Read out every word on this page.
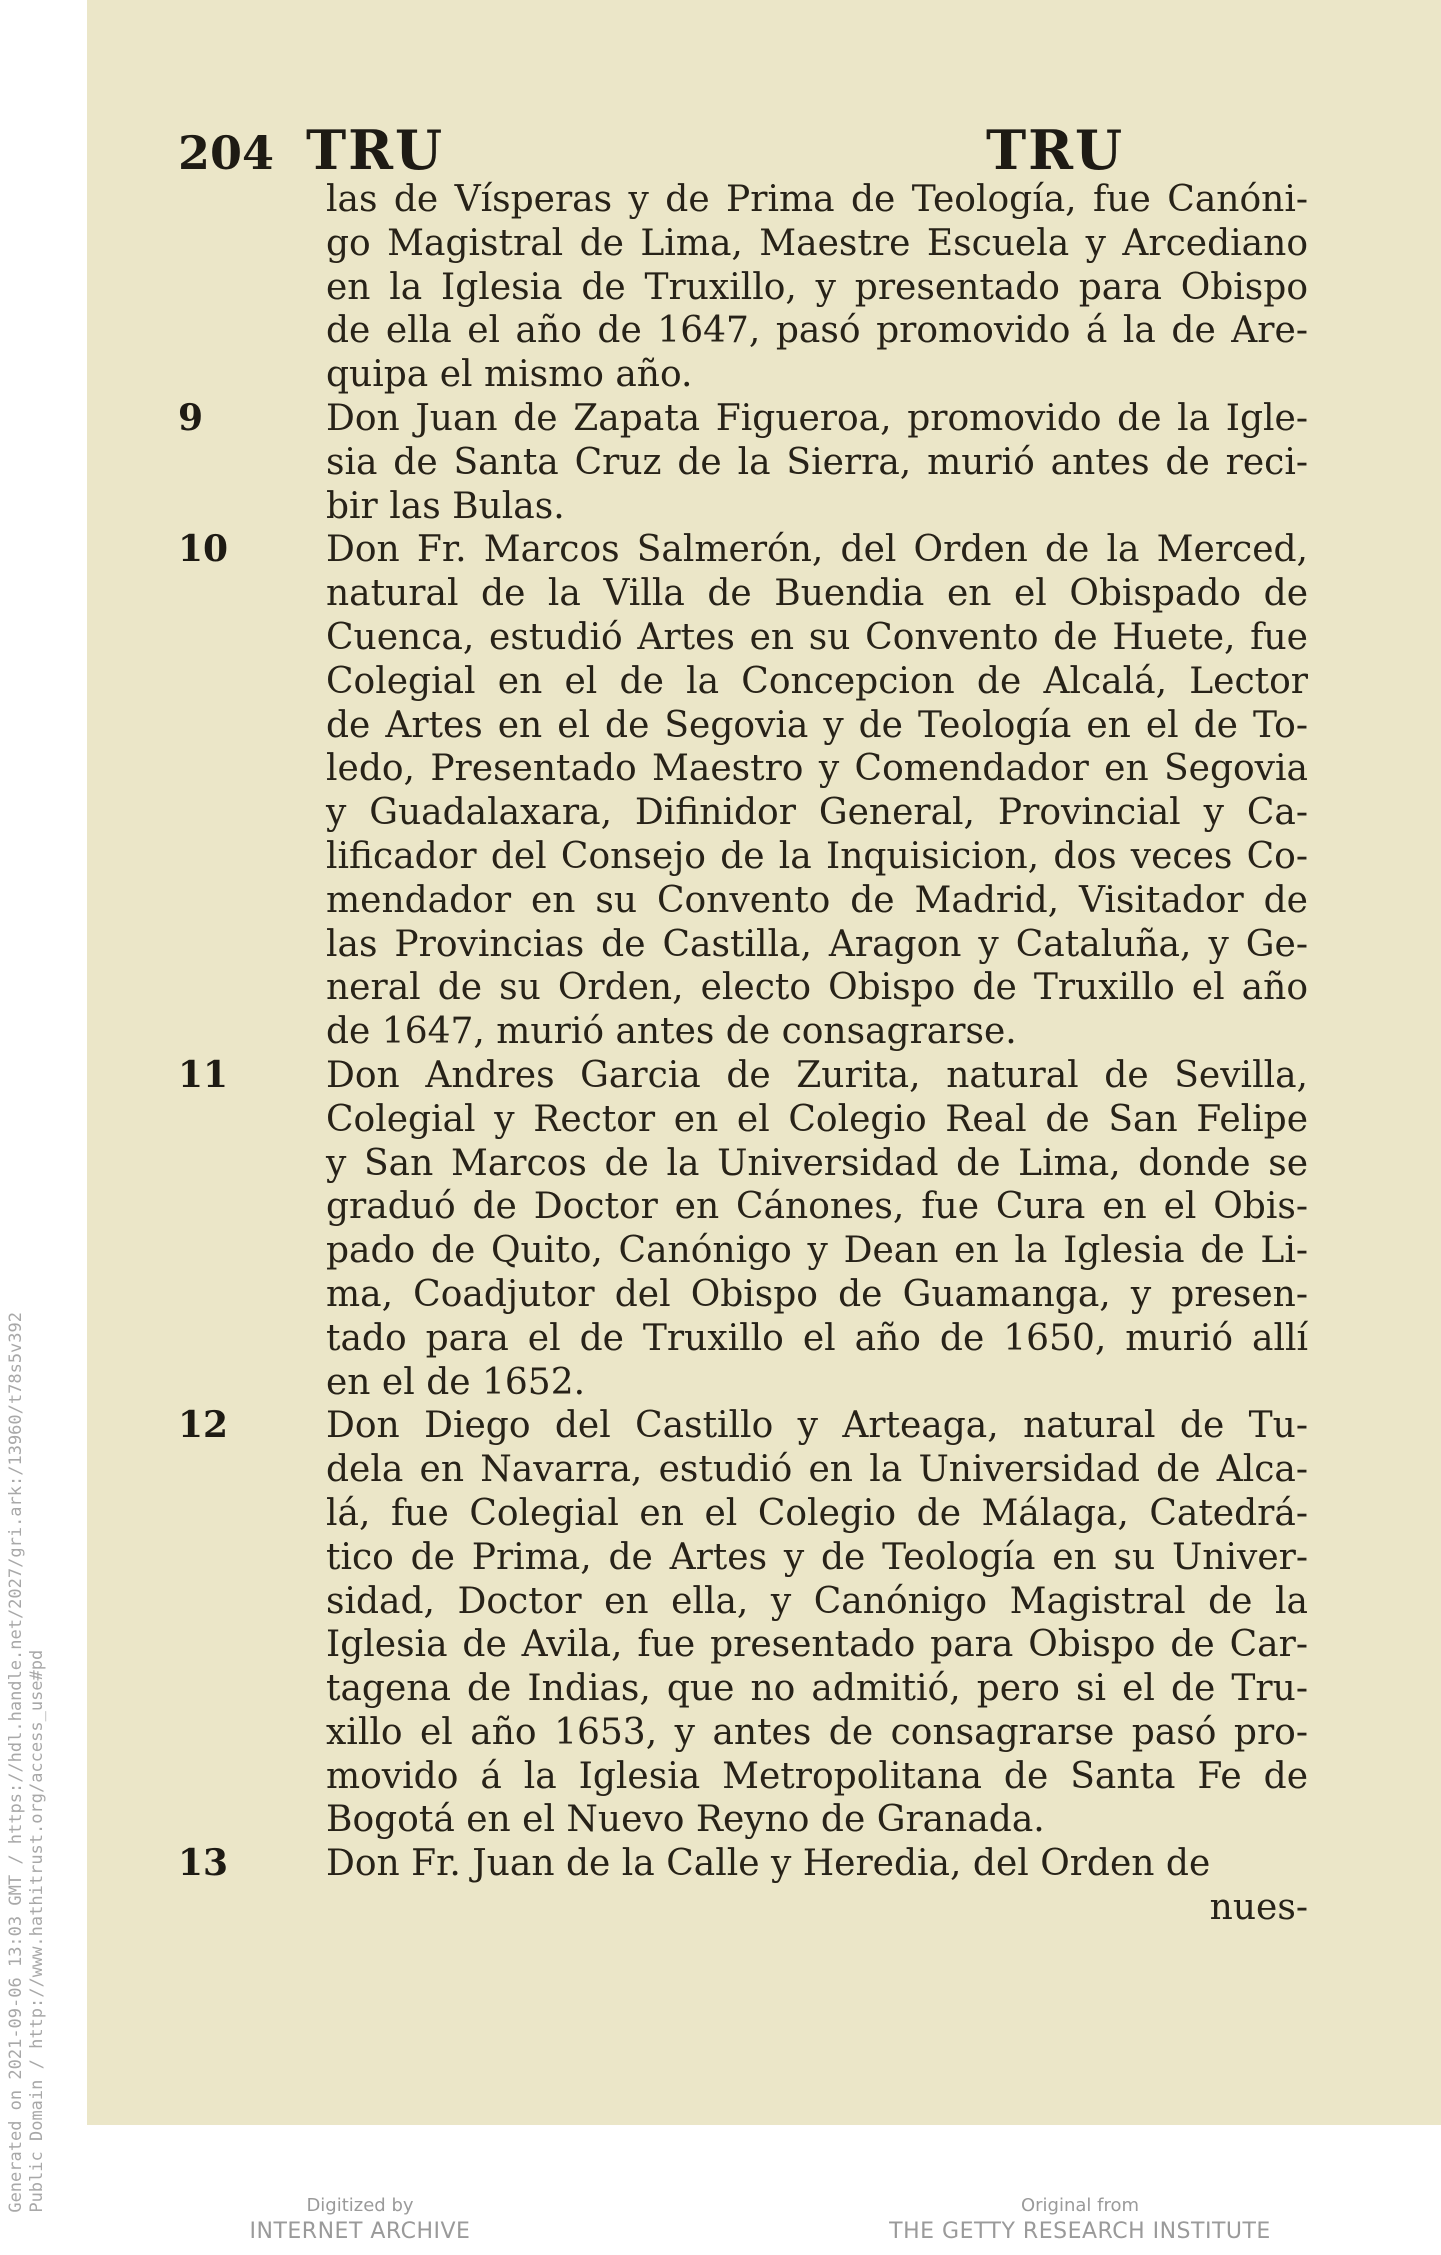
Generated on 2021-09-06 13:03 GMT / https://hdl.handle.net/2027/gri.ark:/13960/t78s5v392 Public Domain / http://www.hathitrust.org/access_use#pd
204 TRU	TRU
las de Vísperas y de Prima de Teología, fue Canóni-
go Magistral de Lima, Maestre Escuela y Arcediano
en la Iglesia de Truxillo, y presentado para Obispo
de ella el año de 1647, pasó promovido á la de Are-
quipa el mismo año.
9	Don Juan de Zapata Figueroa, promovido de la Igle-
sia de Santa Cruz de la Sierra, murió antes de reci-
bir las Bulas.
10	Don Fr. Marcos Salmerón, del Orden de la Merced,
natural de la Villa de Buendia en el Obispado de
Cuenca, estudió Artes en su Convento de Huete, fue
Colegial en el de la Concepcion de Alcalá, Lector
de Artes en el de Segovia y de Teología en el de To-
ledo, Presentado Maestro y Comendador en Segovia
y Guadalaxara, Difinidor General, Provincial y Ca-
lificador del Consejo de la Inquisicion, dos veces Co-
mendador en su Convento de Madrid, Visitador de
las Provincias de Castilla, Aragon y Cataluña, y Ge-
neral de su Orden, electo Obispo de Truxillo el año
de 1647, murió antes de consagrarse.
11	Don Andres Garcia de Zurita, natural de Sevilla,
Colegial y Rector en el Colegio Real de San Felipe
y San Marcos de la Universidad de Lima, donde se
graduó de Doctor en Cánones, fue Cura en el Obis-
pado de Quito, Canónigo y Dean en la Iglesia de Li-
ma, Coadjutor del Obispo de Guamanga, y presen-
tado para el de Truxillo el año de 1650, murió allí
en el de 1652.
12	Don Diego del Castillo y Arteaga, natural de Tu-
dela en Navarra, estudió en la Universidad de Alca-
lá, fue Colegial en el Colegio de Málaga, Catedrá-
tico de Prima, de Artes y de Teología en su Univer-
sidad, Doctor en ella, y Canónigo Magistral de la
Iglesia de Avila, fue presentado para Obispo de Car-
tagena de Indias, que no admitió, pero si el de Tru-
xillo el año 1653, y antes de consagrarse pasó pro-
movido á la Iglesia Metropolitana de Santa Fe de
Bogotá en el Nuevo Reyno de Granada.
13	Don Fr. Juan de la Calle y Heredia, del Orden de
nues-
Digitized by
INTERNET ARCHIVE
Original from
THE GETTY RESEARCH INSTITUTE
